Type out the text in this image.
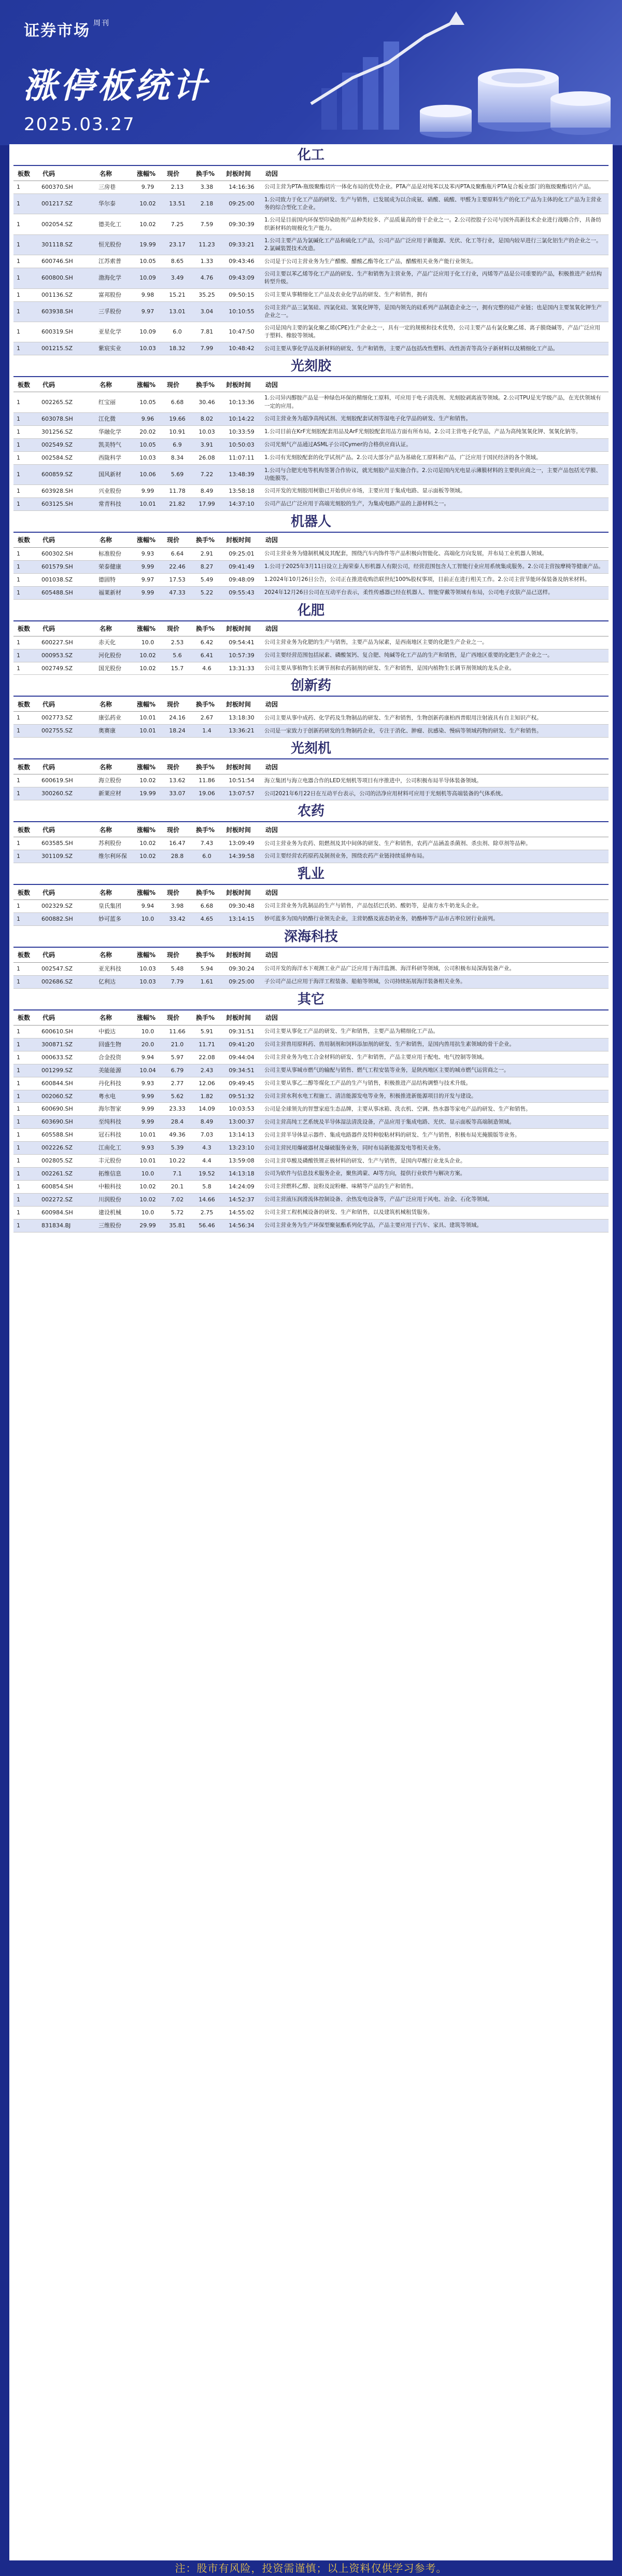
证券市场 $^{周刊}$
涨停板统计
2025.03.27
化工
板数	代码	名称	涨幅%	现价	换手%	封板时间	动因
1	600370.SH	三房巷	9.79	2.13	3.38	14:16:36	公司主营为PTA-瓶级聚酯切片一体化布局的优势企业。PTA产品是对纯苯以及苯丙PTA及聚酯瓶片PTA复合板业部门的瓶级聚酯切片产品。
1	001217.SZ	华尔泰	10.02	13.51	2.18	09:25:00	1.公司致力于化工产品的研发、生产与销售，已发展成为以合成氨、硝酸、硫酸、甲醛为主要原料生产的化工产品为主体的化工产品为主营业务的综合型化工企业。
1	002054.SZ	德美化工	10.02	7.25	7.59	09:30:39	1.公司是目前国内环保型印染助剂产品种类较多、产品质量高的骨干企业之一。2.公司控股子公司与国外高新技术企业进行战略合作，具备纺织新材料的规模化生产能力。
1	301118.SZ	恒光股份	19.99	23.17	11.23	09:33:21	1.公司主要产品为氯碱化工产品和硫化工产品，公司产品广泛应用于新能源、光伏、化工等行业，是国内较早进行三氯化铝生产的企业之一。2.氯碱装置技术改造。
1	600746.SH	江苏索普	10.05	8.65	1.33	09:43:46	公司是于公司主营业务为生产醋酸、醋酸乙酯等化工产品，醋酸相关业务产能行业领先。
1	600800.SH	渤海化学	10.09	3.49	4.76	09:43:09	公司主要以苯乙烯等化工产品的研发、生产和销售为主营业务，产品广泛应用于化工行业，丙烯等产品是公司重要的产品，积极推进产业结构转型升级。
1	001136.SZ	富邦股份	9.98	15.21	35.25	09:50:15	公司主要从事精细化工产品及农业化学品的研发、生产和销售，拥有
1	603938.SH	三孚股份	9.97	13.01	3.04	10:10:55	公司主营产品三氯氢硅、四氯化硅、氢氧化钾等，是国内领先的硅系列产品制造企业之一，拥有完整的硅产业链；也是国内主要氢氧化钾生产企业之一。
1	600319.SH	亚星化学	10.09	6.0	7.81	10:47:50	公司是国内主要的氯化聚乙烯(CPE)生产企业之一，具有一定的规模和技术优势，公司主要产品有氯化聚乙烯、离子膜烧碱等，产品广泛应用于塑料、橡胶等领域。
1	001215.SZ	紫宸实业	10.03	18.32	7.99	10:48:42	公司主要从事化学品及新材料的研发、生产和销售，主要产品包括改性塑料、改性沥青等高分子新材料以及精细化工产品。
光刻胶
板数	代码	名称	涨幅%	现价	换手%	封板时间	动因
1	002265.SZ	红宝丽	10.05	6.68	30.46	10:13:36	1.公司异丙醇胺产品是一种绿色环保的精细化工原料，可应用于电子清洗剂、光刻胶剥离液等领域。2.公司TPU是光学级产品，在光伏领域有一定的应用。
1	603078.SH	江化微	9.96	19.66	8.02	10:14:22	公司主营业务为超净高纯试剂、光刻胶配套试剂等湿电子化学品的研发、生产和销售。
1	301256.SZ	华融化学	20.02	10.91	10.03	10:33:59	1.公司目前在KrF光刻胶配套用品及ArF光刻胶配套用品方面有所布局。2.公司主营电子化学品，产品为高纯氢氧化钾、氢氧化钠等。
1	002549.SZ	凯美特气	10.05	6.9	3.91	10:50:03	公司光刻气产品通过ASML子公司Cymer的合格供应商认证。
1	002584.SZ	西陇科学	10.03	8.34	26.08	11:07:11	1.公司有光刻胶配套的化学试剂产品。2.公司大部分产品为基础化工原料和产品，广泛应用于国民经济的各个领域。
1	600859.SZ	国风新材	10.06	5.69	7.22	13:48:39	1.公司与合肥光电等机构签署合作协议，就光刻胶产品实施合作。2.公司是国内光电显示薄膜材料的主要供应商之一，主要产品包括光学膜、功能膜等。
1	603928.SH	兴业股份	9.99	11.78	8.49	13:58:18	公司开发的光刻胶用树脂已开始供应市场，主要应用于集成电路、显示面板等领域。
1	603125.SH	常青科技	10.01	21.82	17.99	14:37:10	公司产品已广泛应用于高端光刻胶的生产，为集成电路产品的上游材料之一。
机器人
板数	代码	名称	涨幅%	现价	换手%	封板时间	动因
1	600302.SH	标准股份	9.93	6.64	2.91	09:25:01	公司主营业务为缝制机械及其配套，围绕汽车内饰件等产品积极向智能化、高端化方向发展，并布局工业机器人领域。
1	601579.SH	荣泰健康	9.99	22.46	8.27	09:41:49	1.公司于2025年3月11日设立上海荣泰人形机器人有限公司，经营范围包含人工智能行业应用系统集成服务。2.公司主营按摩椅等健康产品。
1	001038.SZ	德固特	9.97	17.53	5.49	09:48:09	1.2024年10月26日公告，公司正在推进收购浩联世纪100%股权事项，目前正在进行相关工作。2.公司主营节能环保装备及纳米材料。
1	605488.SH	福莱新材	9.99	47.33	5.22	09:55:43	2024年12月26日公司在互动平台表示，柔性传感器已经在机器人、智能穿戴等领域有布局，公司电子皮肤产品已送样。
化肥
板数	代码	名称	涨幅%	现价	换手%	封板时间	动因
1	600227.SH	赤天化	10.0	2.53	6.42	09:54:41	公司主营业务为化肥的生产与销售，主要产品为尿素，是西南地区主要的化肥生产企业之一。
1	000953.SZ	河化股份	10.02	5.6	6.41	10:57:39	公司主要经营范围包括尿素、磷酸氢钙、复合肥、纯碱等化工产品的生产和销售，是广西地区重要的化肥生产企业之一。
1	002749.SZ	国光股份	10.02	15.7	4.6	13:31:33	公司主要从事植物生长调节剂和农药制剂的研发、生产和销售，是国内植物生长调节剂领域的龙头企业。
创新药
板数	代码	名称	涨幅%	现价	换手%	封板时间	动因
1	002773.SZ	康弘药业	10.01	24.16	2.67	13:18:30	公司主要从事中成药、化学药及生物制品的研发、生产和销售，生物创新药康柏西普眼用注射液具有自主知识产权。
1	002755.SZ	奥赛康	10.01	18.24	1.4	13:36:21	公司是一家致力于创新药研发的生物制药企业，专注于消化、肿瘤、抗感染、慢病等领域药物的研发、生产和销售。
光刻机
板数	代码	名称	涨幅%	现价	换手%	封板时间	动因
1	600619.SH	海立股份	10.02	13.62	11.86	10:51:54	海立集团与海立电器合作的LED光刻机等项目有序推进中，公司积极布局半导体装备领域。
1	300260.SZ	新莱应材	19.99	33.07	19.06	13:07:57	公司2021年6月22日在互动平台表示，公司的洁净应用材料可应用于光刻机等高端装备的气体系统。
农药
板数	代码	名称	涨幅%	现价	换手%	封板时间	动因
1	603585.SH	苏利股份	10.02	16.47	7.43	13:09:49	公司主营业务为农药、阻燃剂及其中间体的研发、生产和销售，农药产品涵盖杀菌剂、杀虫剂、除草剂等品种。
1	301109.SZ	维尔利环保	10.02	28.8	6.0	14:39:58	公司主要经营农药原药及制剂业务，围绕农药产业链持续延伸布局。
乳业
板数	代码	名称	涨幅%	现价	换手%	封板时间	动因
1	002329.SZ	皇氏集团	9.94	3.98	6.68	09:30:48	公司主营业务为乳制品的生产与销售，产品包括巴氏奶、酸奶等，是南方水牛奶龙头企业。
1	600882.SH	妙可蓝多	10.0	33.42	4.65	13:14:15	妙可蓝多为国内奶酪行业领先企业，主营奶酪及液态奶业务，奶酪棒等产品市占率位居行业前列。
深海科技
板数	代码	名称	涨幅%	现价	换手%	封板时间	动因
1	002547.SZ	亚光科技	10.03	5.48	5.94	09:30:24	公司开发的海洋水下观测工业产品广泛应用于海洋监测、海洋科研等领域，公司积极布局深海装备产业。
1	002686.SZ	亿利达	10.03	7.79	1.61	09:25:00	子公司产品已应用于海洋工程装备、船舶等领域，公司持续拓展海洋装备相关业务。
其它
板数	代码	名称	涨幅%	现价	换手%	封板时间	动因
1	600610.SH	中毅达	10.0	11.66	5.91	09:31:51	公司主要从事化工产品的研发、生产和销售，主要产品为精细化工产品。
1	300871.SZ	回盛生物	20.0	21.0	11.71	09:41:20	公司主营兽用原料药、兽用制剂和饲料添加剂的研发、生产和销售，是国内兽用抗生素领域的骨干企业。
1	000633.SZ	合金投资	9.94	5.97	22.08	09:44:04	公司主营业务为电工合金材料的研发、生产和销售，产品主要应用于配电、电气控制等领域。
1	001299.SZ	美能能源	10.04	6.79	2.43	09:34:51	公司主要从事城市燃气的输配与销售、燃气工程安装等业务，是陕西地区主要的城市燃气运营商之一。
1	600844.SH	丹化科技	9.93	2.77	12.06	09:49:45	公司主要从事乙二醇等煤化工产品的生产与销售，积极推进产品结构调整与技术升级。
1	002060.SZ	粤水电	9.99	5.62	1.82	09:51:32	公司主营水利水电工程施工、清洁能源发电等业务，积极推进新能源项目的开发与建设。
1	600690.SH	海尔智家	9.99	23.33	14.09	10:03:53	公司是全球领先的智慧家庭生态品牌，主要从事冰箱、洗衣机、空调、热水器等家电产品的研发、生产和销售。
1	603690.SH	至纯科技	9.99	28.4	8.49	13:00:37	公司主营高纯工艺系统及半导体湿法清洗设备，产品应用于集成电路、光伏、显示面板等高端制造领域。
1	605588.SH	冠石科技	10.01	49.36	7.03	13:14:13	公司主营半导体显示器件、集成电路器件及特种胶粘材料的研发、生产与销售，积极布局光掩膜版等业务。
1	002226.SZ	江南化工	9.93	5.39	4.3	13:23:10	公司主营民用爆破器材及爆破服务业务，同时布局新能源发电等相关业务。
1	002805.SZ	丰元股份	10.01	10.22	4.4	13:59:08	公司主营草酸及磷酸铁锂正极材料的研发、生产与销售，是国内草酸行业龙头企业。
1	002261.SZ	拓维信息	10.0	7.1	19.52	14:13:18	公司为软件与信息技术服务企业，聚焦鸿蒙、AI等方向，提供行业软件与解决方案。
1	600854.SH	中粮科技	10.02	20.1	5.8	14:24:09	公司主营燃料乙醇、淀粉及淀粉糖、味精等产品的生产和销售。
1	002272.SZ	川润股份	10.02	7.02	14.66	14:52:37	公司主营液压润滑流体控制设备、余热发电设备等，产品广泛应用于风电、冶金、石化等领域。
1	600984.SH	建设机械	10.0	5.72	2.75	14:55:02	公司主营工程机械设备的研发、生产和销售，以及建筑机械租赁服务。
1	831834.BJ	三维股份	29.99	35.81	56.46	14:56:34	公司主营业务为生产环保型聚氨酯系列化学品，产品主要应用于汽车、家具、建筑等领域。
注：股市有风险，投资需谨慎；以上资料仅供学习参考。
